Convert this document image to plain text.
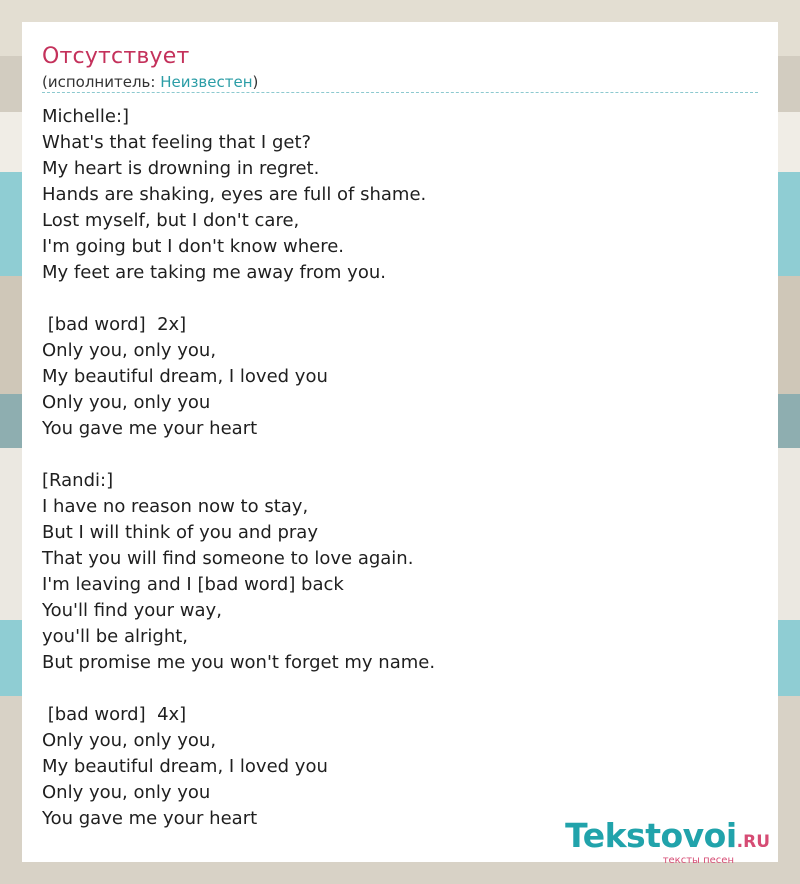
Отсутствует
(исполнитель: Неизвестен)
Michelle:]
What's that feeling that I get?
My heart is drowning in regret.
Hands are shaking, eyes are full of shame.
Lost myself, but I don't care,
I'm going but I don't know where.
My feet are taking me away from you.

[bad word]  2x]
Only you, only you,
My beautiful dream, I loved you
Only you, only you
You gave me your heart

[Randi:]
I have no reason now to stay,
But I will think of you and pray
That you will find someone to love again.
I'm leaving and I [bad word] back
You'll find your way,
you'll be alright,
But promise me you won't forget my name.

[bad word]  4x]
Only you, only you,
My beautiful dream, I loved you
Only you, only you
You gave me your heart	Tekstovoi.RU
тексты песен
